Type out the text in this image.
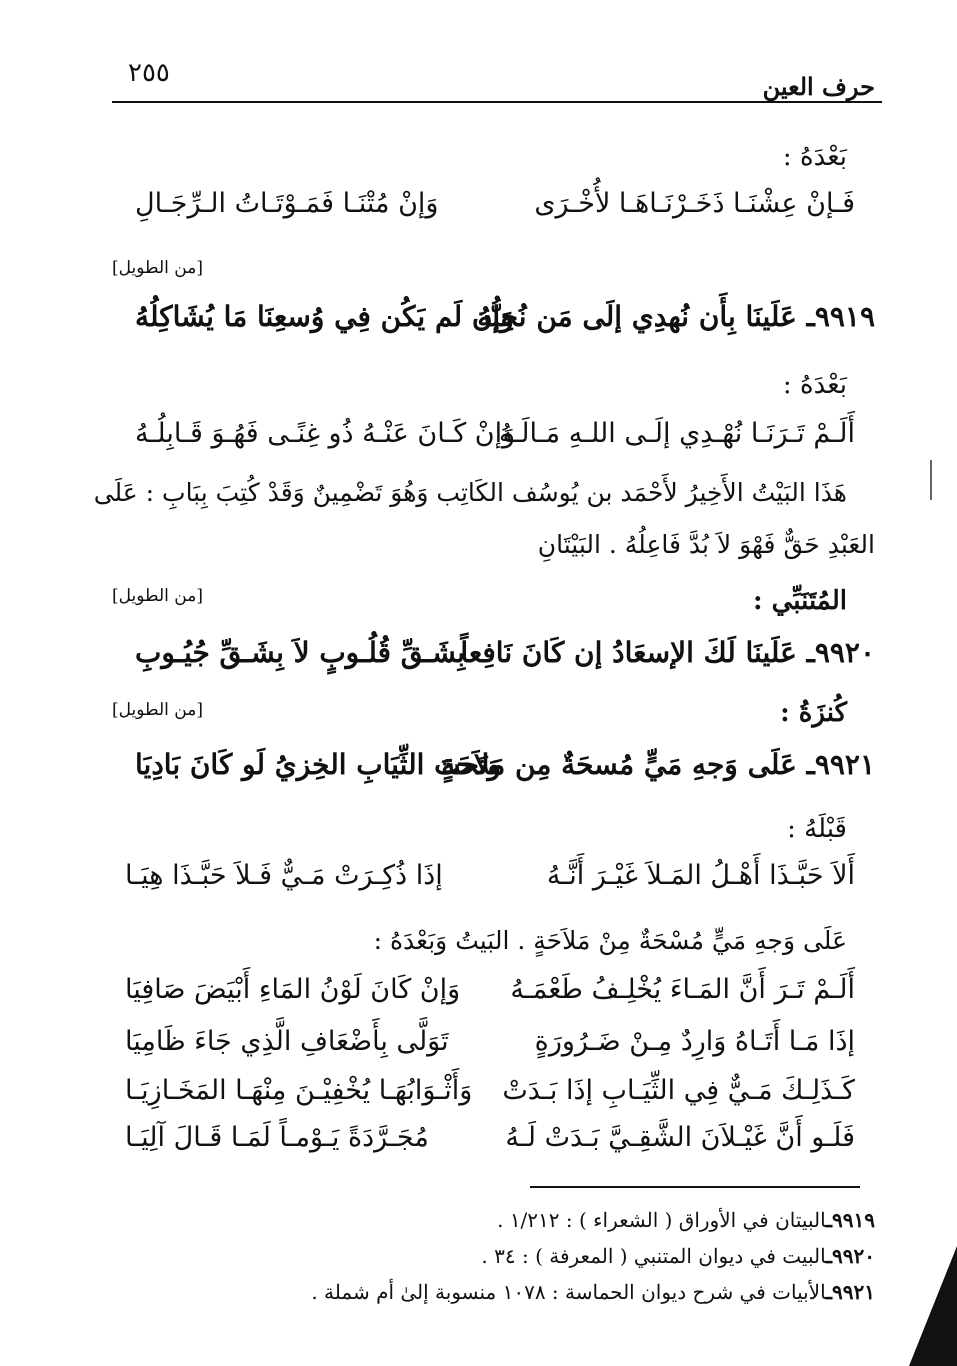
حرف العين
٢٥٥
بَعْدَهُ :
فَـإنْ عِشْنَـا ذَخَـرْنَـاهَـا لأُخْـرَى
وَإنْ مُتْنَـا فَمَـوْتَـاتُ الـرِّجَـالِ
[من الطويل]
٩٩١٩ـ عَلَينَا بِأَن نُهدِي إلَى مَن نُحِبُّهُ
وَإن لَم يَكُن فِي وُسعِنَا مَا يُشَاكِلُهُ
بَعْدَهُ :
أَلَـمْ تَـرَنَـا نُهْـدِي إلَـى اللـهِ مَـالَـهُ
وَإنْ كَـانَ عَنْـهُ ذُو غِنًـى فَهُـوَ قَـابِلُـهُ
هَذَا البَيْتُ الأَخِيرُ لأَحْمَد بن يُوسُف الكَاتِب وَهُوَ تَضْمِينٌ وَقَدْ كُتِبَ بِبَابِ : عَلَى
العَبْدِ حَقٌّ فَهْوَ لاَ بُدَّ فَاعِلُهُ . البَيْتَانِ
المُتَنَبِّي :
[من الطويل]
٩٩٢٠ـ عَلَينَا لَكَ الإسعَادُ إن كَانَ نَافِعاً
بِشَـقِّ قُلُـوبٍ لاَ بِشَـقِّ جُيُـوبِ
كُنزَةُ :
[من الطويل]
٩٩٢١ـ عَلَى وَجهِ مَيٍّ مُسحَةٌ مِن مَلاَحَةٍ
وَتَحتَ الثِّيَابِ الخِزيُ لَو كَانَ بَادِيَا
قَبْلَهُ :
أَلاَ حَبَّـذَا أَهْـلُ المَـلاَ غَيْـرَ أَنَّـهُ
إذَا ذُكِـرَتْ مَـيٌّ فَـلاَ حَبَّـذَا هِيَـا
عَلَى وَجهِ مَيٍّ مُسْحَةٌ مِنْ مَلاَحَةٍ . البَيتُ وَبَعْدَهُ :
أَلَـمْ تَـرَ أَنَّ المَـاءَ يُخْلِـفُ طَعْمَـهُ
وَإنْ كَانَ لَوْنُ المَاءِ أَبْيَضَ صَافِيَا
إذَا مَـا أَتَـاهُ وَارِدٌ مِـنْ ضَـرُورَةٍ
تَوَلَّى بِأَضْعَافِ الَّذِي جَاءَ ظَامِيَا
كَـذَلِـكَ مَـيٌّ فِي الثِّيَـابِ إذَا بَـدَتْ
وَأَثْـوَابُهَـا يُخْفِيْـنَ مِنْهَـا المَخَـازِيَـا
فَلَـو أَنَّ غَيْـلاَنَ الشَّقِـيَّ بَـدَتْ لَـهُ
مُجَـرَّدَةً يَـوْمـاً لَمَـا قَـالَ آلِيَـا
٩٩١٩ـالبيتان في الأوراق ( الشعراء ) : ١/٢١٢ .
٩٩٢٠ـالبيت في ديوان المتنبي ( المعرفة ) : ٣٤ .
٩٩٢١ـالأبيات في شرح ديوان الحماسة : ١٠٧٨ منسوبة إلىٰ أم شملة .
